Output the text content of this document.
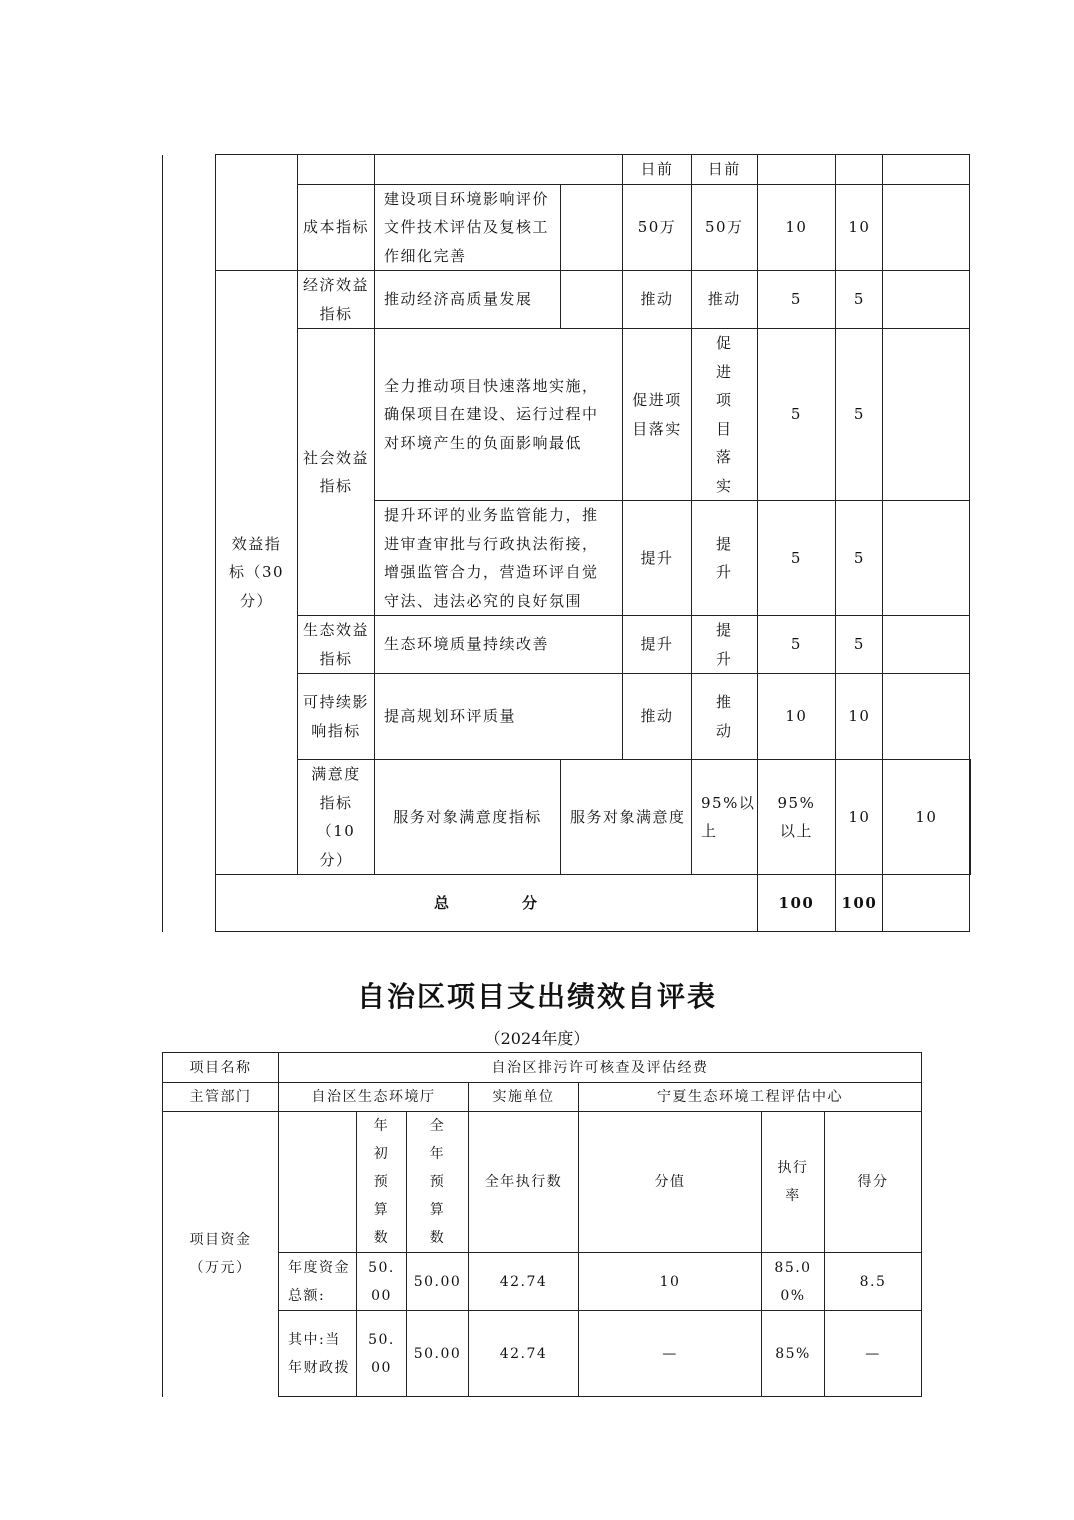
					日前	日前				
		成本指标	建设项目环境影响评价文件技术评估及复核工作细化完善		50万	50万	10	10		
	效益指标（30分）	经济效益指标	推动经济高质量发展		推动	推动	5	5		
		社会效益指标	全力推动项目快速落地实施，确保项目在建设、运行过程中对环境产生的负面影响最低		促进项目落实	促进项目落实	5	5		
			提升环评的业务监管能力，推进审查审批与行政执法衔接，增强监管合力，营造环评自觉守法、违法必究的良好氛围		提升	提升	5	5		
		生态效益指标	生态环境质量持续改善		提升	提升	5	5		
		可持续影响指标	提高规划环评质量		推动	推动	10	10		
		满意度指标（10分）	服务对象满意度指标	服务对象满意度		95%以上	95%以上	10	10	
	总 分						100	100		
自治区项目支出绩效自评表
（2024年度）
项目名称	自治区排污许可核查及评估经费						
主管部门	自治区生态环境厅			实施单位	宁夏生态环境工程评估中心		
项目资金（万元）		年初预算数	全年预算数	全年执行数	分值	执行率	得分
	年度资金总额:	50.00	50.00	42.74	10	85.00%	8.5
	其中:当年财政拨	50.00	50.00	42.74	—	85%	—
